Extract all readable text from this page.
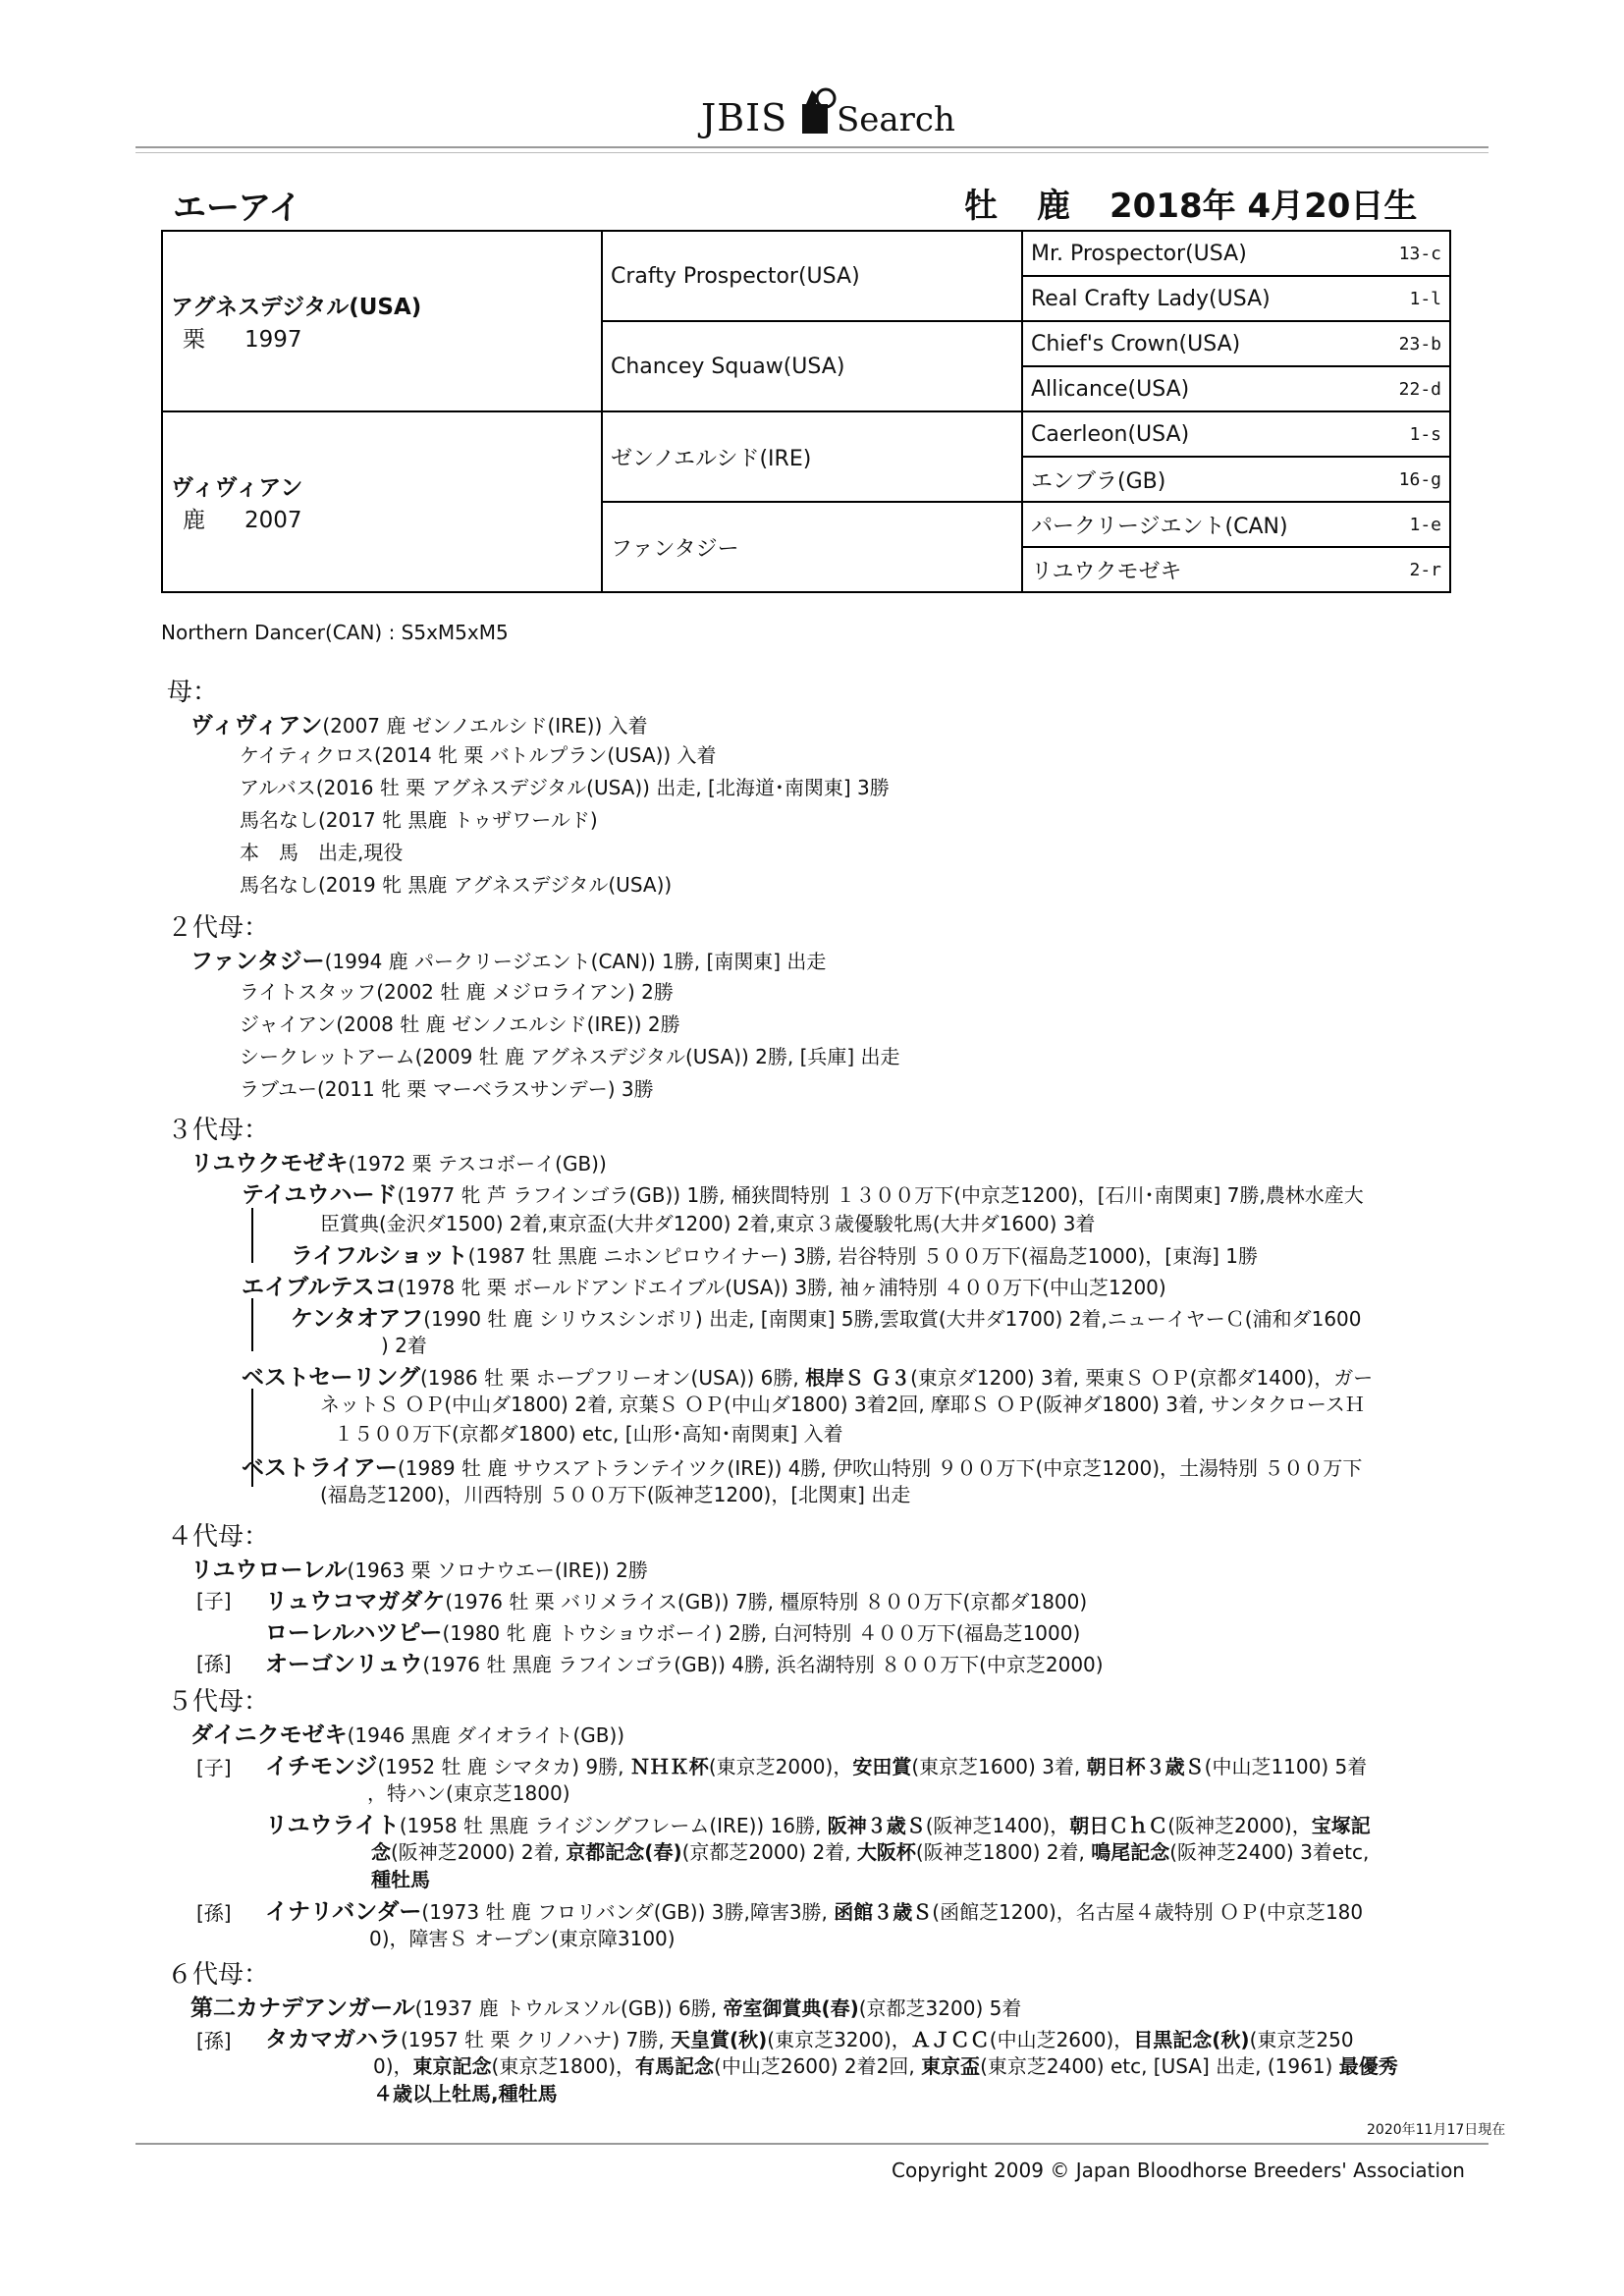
JBIS Search
エーアイ	牡 鹿 2018年 4月20日生
アグネスデジタル(USA)
栗 1997	Crafty Prospector(USA)	Mr. Prospector(USA)	13-c
		Real Crafty Lady(USA)	1-l
	Chancey Squaw(USA)	Chief's Crown(USA)	23-b
		Allicance(USA)	22-d

ヴィヴィアン
鹿 2007	ゼンノエルシド(IRE)	Caerleon(USA)	1-s
		エンブラ(GB)	16-g
	ファンタジー	パークリージエント(CAN)	1-e
		リユウクモゼキ	2-r
Northern Dancer(CAN) : S5xM5xM5
母：
ヴィヴィアン(2007 鹿 ゼンノエルシド(IRE)) 入着
ケイティクロス(2014 牝 栗 バトルプラン(USA)) 入着
アルバス(2016 牡 栗 アグネスデジタル(USA)) 出走, [北海道･南関東] 3勝
馬名なし(2017 牝 黒鹿 トゥザワールド)
本　馬　出走,現役
馬名なし(2019 牝 黒鹿 アグネスデジタル(USA))
２代母：
ファンタジー(1994 鹿 パークリージエント(CAN)) 1勝, [南関東] 出走
ライトスタッフ(2002 牡 鹿 メジロライアン) 2勝
ジャイアン(2008 牡 鹿 ゼンノエルシド(IRE)) 2勝
シークレットアーム(2009 牡 鹿 アグネスデジタル(USA)) 2勝, [兵庫] 出走
ラブユー(2011 牝 栗 マーベラスサンデー) 3勝
３代母：
リユウクモゼキ(1972 栗 テスコボーイ(GB))
テイユウハード(1977 牝 芦 ラフインゴラ(GB)) 1勝, 桶狭間特別 １３００万下(中京芝1200)，[石川･南関東] 7勝,農林水産大
臣賞典(金沢ダ1500) 2着,東京盃(大井ダ1200) 2着,東京３歳優駿牝馬(大井ダ1600) 3着
ライフルショット(1987 牡 黒鹿 ニホンピロウイナー) 3勝, 岩谷特別 ５００万下(福島芝1000)，[東海] 1勝
エイブルテスコ(1978 牝 栗 ボールドアンドエイブル(USA)) 3勝, 袖ヶ浦特別 ４００万下(中山芝1200)
ケンタオアフ(1990 牡 鹿 シリウスシンボリ) 出走, [南関東] 5勝,雲取賞(大井ダ1700) 2着,ニューイヤーＣ(浦和ダ1600
) 2着
ベストセーリング(1986 牡 栗 ホープフリーオン(USA)) 6勝, 根岸Ｓ Ｇ３(東京ダ1200) 3着, 栗東Ｓ ＯＰ(京都ダ1400)，ガー
ネットＳ ＯＰ(中山ダ1800) 2着, 京葉Ｓ ＯＰ(中山ダ1800) 3着2回, 摩耶Ｓ ＯＰ(阪神ダ1800) 3着, サンタクロースＨ
１５００万下(京都ダ1800) etc, [山形･高知･南関東] 入着
ベストライアー(1989 牡 鹿 サウスアトランテイツク(IRE)) 4勝, 伊吹山特別 ９００万下(中京芝1200)，土湯特別 ５００万下
(福島芝1200)，川西特別 ５００万下(阪神芝1200)，[北関東] 出走
４代母：
リユウローレル(1963 栗 ソロナウエー(IRE)) 2勝
[子] リュウコマガダケ(1976 牡 栗 バリメライス(GB)) 7勝, 橿原特別 ８００万下(京都ダ1800)
ローレルハツピー(1980 牝 鹿 トウショウボーイ) 2勝, 白河特別 ４００万下(福島芝1000)
[孫] オーゴンリュウ(1976 牡 黒鹿 ラフインゴラ(GB)) 4勝, 浜名湖特別 ８００万下(中京芝2000)
５代母：
ダイニクモゼキ(1946 黒鹿 ダイオライト(GB))
[子] イチモンジ(1952 牡 鹿 シマタカ) 9勝, ＮＨＫ杯(東京芝2000)，安田賞(東京芝1600) 3着, 朝日杯３歳Ｓ(中山芝1100) 5着
，特ハン(東京芝1800)
リユウライト(1958 牡 黒鹿 ライジングフレーム(IRE)) 16勝, 阪神３歳Ｓ(阪神芝1400)，朝日ＣｈＣ(阪神芝2000)，宝塚記
念(阪神芝2000) 2着, 京都記念(春)(京都芝2000) 2着, 大阪杯(阪神芝1800) 2着, 鳴尾記念(阪神芝2400) 3着etc,
種牡馬
[孫] イナリバンダー(1973 牡 鹿 フロリバンダ(GB)) 3勝,障害3勝, 函館３歳Ｓ(函館芝1200)，名古屋４歳特別 ＯＰ(中京芝180
0)，障害Ｓ オープン(東京障3100)
６代母：
第二カナデアンガール(1937 鹿 トウルヌソル(GB)) 6勝, 帝室御賞典(春)(京都芝3200) 5着
[孫] タカマガハラ(1957 牡 栗 クリノハナ) 7勝, 天皇賞(秋)(東京芝3200)，ＡＪＣＣ(中山芝2600)，目黒記念(秋)(東京芝250
0)，東京記念(東京芝1800)，有馬記念(中山芝2600) 2着2回, 東京盃(東京芝2400) etc, [USA] 出走, (1961) 最優秀
４歳以上牡馬,種牡馬
2020年11月17日現在
Copyright 2009 © Japan Bloodhorse Breeders' Association
